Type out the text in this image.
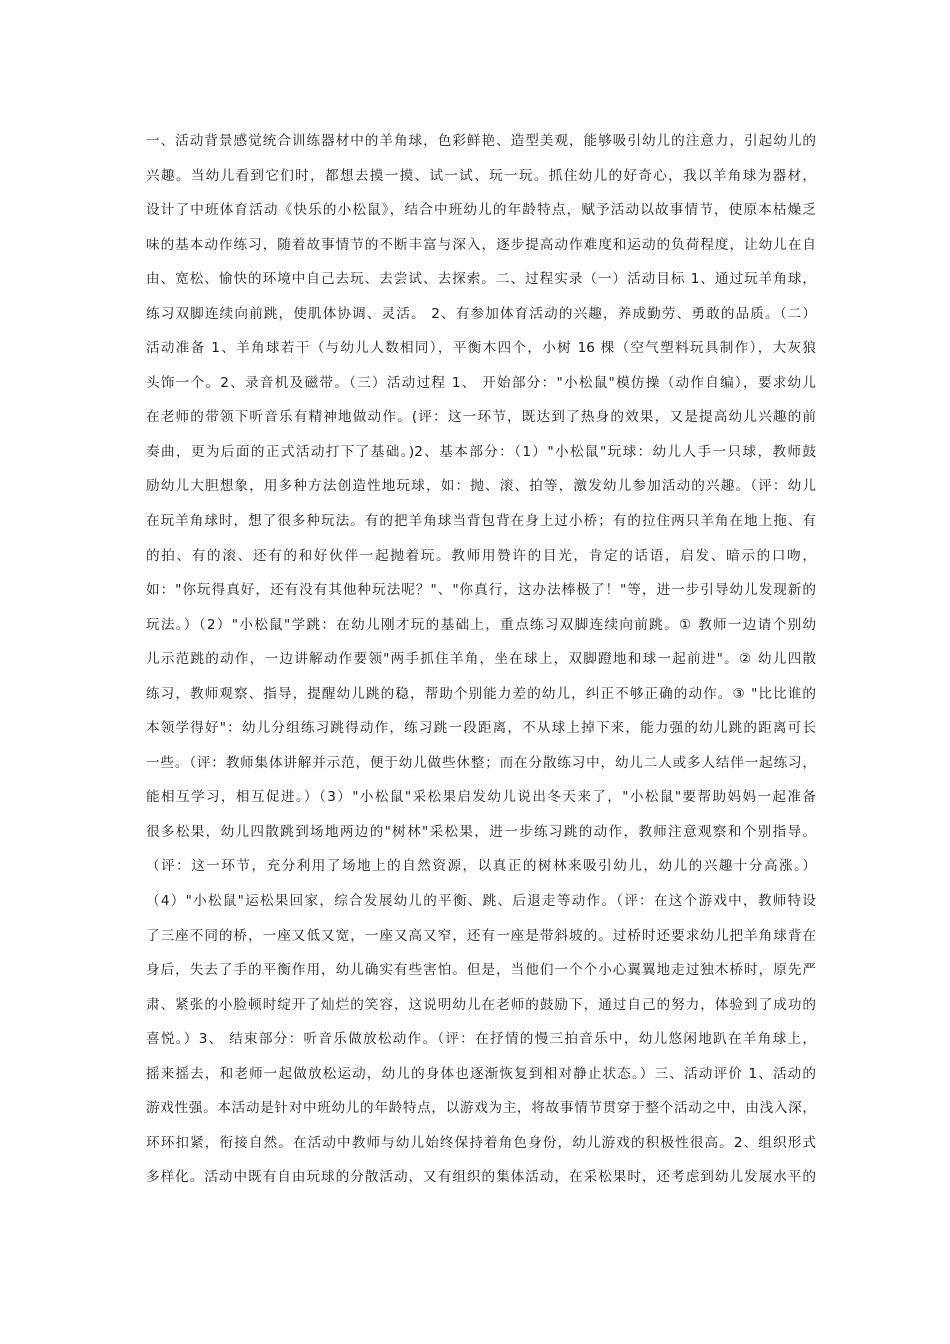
一、活动背景感觉统合训练器材中的羊角球，色彩鲜艳、造型美观，能够吸引幼儿的注意力，引起幼儿的
兴趣。当幼儿看到它们时，都想去摸一摸、试一试、玩一玩。抓住幼儿的好奇心，我以羊角球为器材，
设计了中班体育活动《快乐的小松鼠》，结合中班幼儿的年龄特点，赋予活动以故事情节，使原本枯燥乏
味的基本动作练习，随着故事情节的不断丰富与深入，逐步提高动作难度和运动的负荷程度，让幼儿在自
由、宽松、愉快的环境中自己去玩、去尝试、去探索。二、过程实录（一）活动目标 1、通过玩羊角球，
练习双脚连续向前跳，使肌体协调、灵活。 2、有参加体育活动的兴趣，养成勤劳、勇敢的品质。（二）
活动准备 1、羊角球若干（与幼儿人数相同），平衡木四个，小树 16 棵（空气塑料玩具制作），大灰狼
头饰一个。2、录音机及磁带。（三）活动过程 1、 开始部分："小松鼠"模仿操（动作自编），要求幼儿
在老师的带领下听音乐有精神地做动作。(评：这一环节，既达到了热身的效果，又是提高幼儿兴趣的前
奏曲，更为后面的正式活动打下了基础。)2、基本部分：（1）"小松鼠"玩球：幼儿人手一只球，教师鼓
励幼儿大胆想象，用多种方法创造性地玩球，如：抛、滚、拍等，激发幼儿参加活动的兴趣。（评：幼儿
在玩羊角球时，想了很多种玩法。有的把羊角球当背包背在身上过小桥；有的拉住两只羊角在地上拖、有
的拍、有的滚、还有的和好伙伴一起抛着玩。教师用赞许的目光，肯定的话语，启发、暗示的口吻，
如："你玩得真好，还有没有其他种玩法呢？"、"你真行，这办法棒极了！"等，进一步引导幼儿发现新的
玩法。）（2）"小松鼠"学跳：在幼儿刚才玩的基础上，重点练习双脚连续向前跳。① 教师一边请个别幼
儿示范跳的动作，一边讲解动作要领"两手抓住羊角，坐在球上，双脚蹬地和球一起前进"。② 幼儿四散
练习，教师观察、指导，提醒幼儿跳的稳，帮助个别能力差的幼儿，纠正不够正确的动作。③ "比比谁的
本领学得好"：幼儿分组练习跳得动作，练习跳一段距离，不从球上掉下来，能力强的幼儿跳的距离可长
一些。（评：教师集体讲解并示范，便于幼儿做些休整；而在分散练习中，幼儿二人或多人结伴一起练习，
能相互学习，相互促进。）（3）"小松鼠"采松果启发幼儿说出冬天来了，"小松鼠"要帮助妈妈一起准备
很多松果，幼儿四散跳到场地两边的"树林"采松果，进一步练习跳的动作，教师注意观察和个别指导。
（评：这一环节，充分利用了场地上的自然资源，以真正的树林来吸引幼儿，幼儿的兴趣十分高涨。）
（4）"小松鼠"运松果回家，综合发展幼儿的平衡、跳、后退走等动作。（评：在这个游戏中，教师特设
了三座不同的桥，一座又低又宽，一座又高又窄，还有一座是带斜坡的。过桥时还要求幼儿把羊角球背在
身后，失去了手的平衡作用，幼儿确实有些害怕。但是，当他们一个个小心翼翼地走过独木桥时，原先严
肃、紧张的小脸顿时绽开了灿烂的笑容，这说明幼儿在老师的鼓励下，通过自己的努力，体验到了成功的
喜悦。）3、 结束部分：听音乐做放松动作。（评：在抒情的慢三拍音乐中，幼儿悠闲地趴在羊角球上，
摇来摇去，和老师一起做放松运动，幼儿的身体也逐渐恢复到相对静止状态。）三、活动评价 1、活动的
游戏性强。本活动是针对中班幼儿的年龄特点，以游戏为主，将故事情节贯穿于整个活动之中，由浅入深，
环环扣紧，衔接自然。在活动中教师与幼儿始终保持着角色身份，幼儿游戏的积极性很高。2、组织形式
多样化。活动中既有自由玩球的分散活动，又有组织的集体活动，在采松果时，还考虑到幼儿发展水平的
